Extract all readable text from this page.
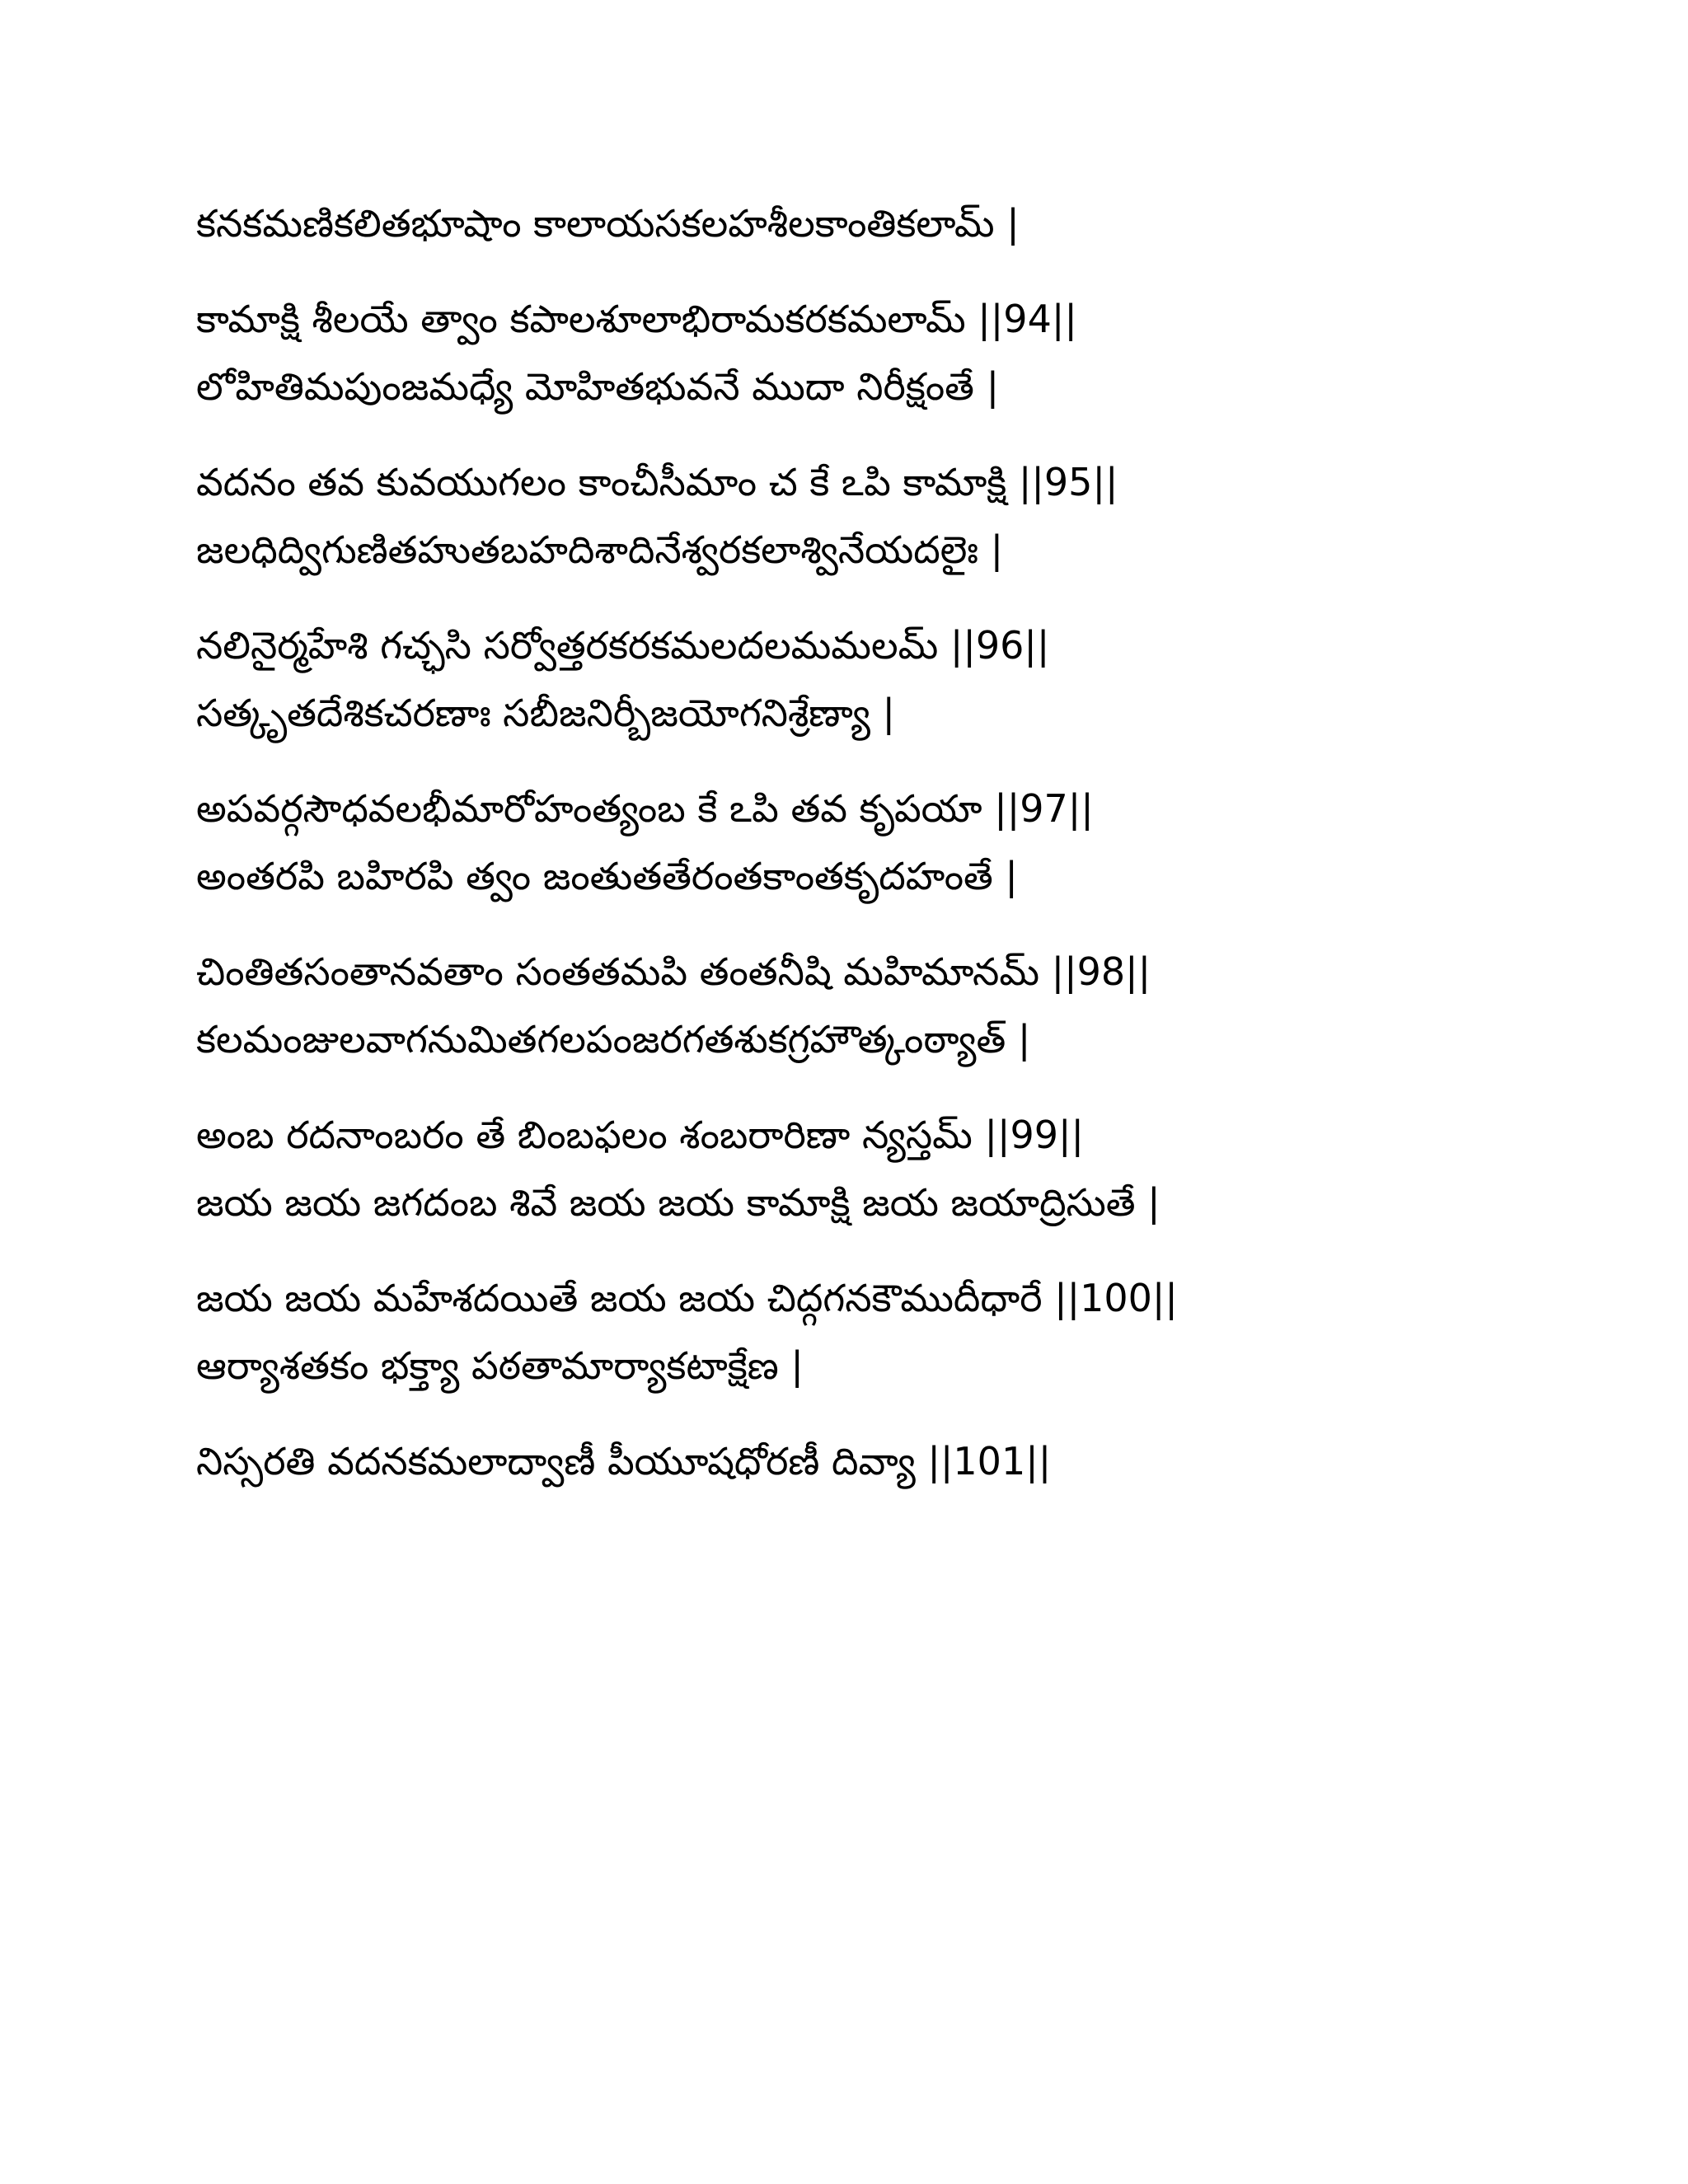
కనకమణికలితభూషాం కాలాయసకలహశీలకాంతికలామ్ |
కామాక్షి శీలయే త్వాం కపాలశూలాభిరామకరకమలామ్ ||94||
లోహితిమపుంజమధ్యే మోహితభువనే ముదా నిరీక్షంతే |
వదనం తవ కువయుగలం కాంచీసీమాం చ కే ఽపి కామాక్షి ||95||
జలధిద్విగుణితహుతబహదిశాదినేశ్వరకలాశ్వినేయదలైః |
నలినైర్మహేశి గచ్ఛసి సర్వోత్తరకరకమలదలమమలమ్ ||96||
సత్కృతదేశికచరణాః సబీజనిర్బీజయోగనిశ్రేణ్యా |
అపవర్గసౌధవలభీమారోహంత్యంబ కే ఽపి తవ కృపయా ||97||
అంతరపి బహిరపి త్వం జంతుతతేరంతకాంతకృదహంతే |
చింతితసంతానవతాం సంతతమపి తంతనీషి మహిమానమ్ ||98||
కలమంజులవాగనుమితగలపంజరగతశుకగ్రహౌత్కంఠ్యాత్ |
అంబ రదనాంబరం తే బింబఫలం శంబరారిణా న్యస్తమ్ ||99||
జయ జయ జగదంబ శివే జయ జయ కామాక్షి జయ జయాద్రిసుతే |
జయ జయ మహేశదయితే జయ జయ చిద్గగనకౌముదీధారే ||100||
ఆర్యాశతకం భక్త్యా పఠతామార్యాకటాక్షేణ |
నిస్సరతి వదనకమలాద్వాణీ పీయూషధోరణీ దివ్యా ||101||
